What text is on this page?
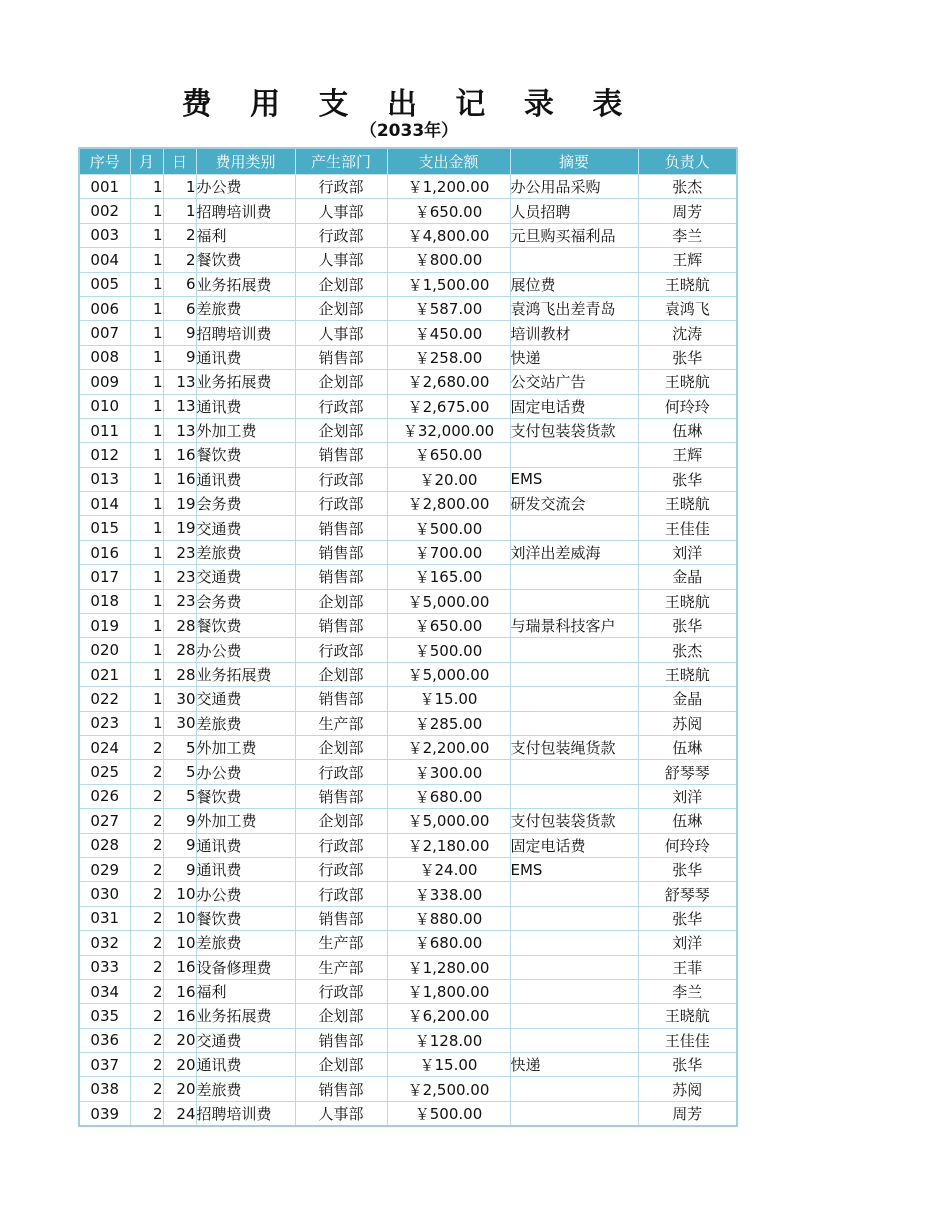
费 用 支 出 记 录 表
（2033年）
序号	月	日	费用类别	产生部门	支出金额	摘要	负责人
001	1	1	办公费	行政部	￥1,200.00	办公用品采购	张杰
002	1	1	招聘培训费	人事部	￥650.00	人员招聘	周芳
003	1	2	福利	行政部	￥4,800.00	元旦购买福利品	李兰
004	1	2	餐饮费	人事部	￥800.00		王辉
005	1	6	业务拓展费	企划部	￥1,500.00	展位费	王晓航
006	1	6	差旅费	企划部	￥587.00	袁鸿飞出差青岛	袁鸿飞
007	1	9	招聘培训费	人事部	￥450.00	培训教材	沈涛
008	1	9	通讯费	销售部	￥258.00	快递	张华
009	1	13	业务拓展费	企划部	￥2,680.00	公交站广告	王晓航
010	1	13	通讯费	行政部	￥2,675.00	固定电话费	何玲玲
011	1	13	外加工费	企划部	￥32,000.00	支付包装袋货款	伍琳
012	1	16	餐饮费	销售部	￥650.00		王辉
013	1	16	通讯费	行政部	￥20.00	EMS	张华
014	1	19	会务费	行政部	￥2,800.00	研发交流会	王晓航
015	1	19	交通费	销售部	￥500.00		王佳佳
016	1	23	差旅费	销售部	￥700.00	刘洋出差威海	刘洋
017	1	23	交通费	销售部	￥165.00		金晶
018	1	23	会务费	企划部	￥5,000.00		王晓航
019	1	28	餐饮费	销售部	￥650.00	与瑞景科技客户	张华
020	1	28	办公费	行政部	￥500.00		张杰
021	1	28	业务拓展费	企划部	￥5,000.00		王晓航
022	1	30	交通费	销售部	￥15.00		金晶
023	1	30	差旅费	生产部	￥285.00		苏阅
024	2	5	外加工费	企划部	￥2,200.00	支付包装绳货款	伍琳
025	2	5	办公费	行政部	￥300.00		舒琴琴
026	2	5	餐饮费	销售部	￥680.00		刘洋
027	2	9	外加工费	企划部	￥5,000.00	支付包装袋货款	伍琳
028	2	9	通讯费	行政部	￥2,180.00	固定电话费	何玲玲
029	2	9	通讯费	行政部	￥24.00	EMS	张华
030	2	10	办公费	行政部	￥338.00		舒琴琴
031	2	10	餐饮费	销售部	￥880.00		张华
032	2	10	差旅费	生产部	￥680.00		刘洋
033	2	16	设备修理费	生产部	￥1,280.00		王菲
034	2	16	福利	行政部	￥1,800.00		李兰
035	2	16	业务拓展费	企划部	￥6,200.00		王晓航
036	2	20	交通费	销售部	￥128.00		王佳佳
037	2	20	通讯费	企划部	￥15.00	快递	张华
038	2	20	差旅费	销售部	￥2,500.00		苏阅
039	2	24	招聘培训费	人事部	￥500.00		周芳
